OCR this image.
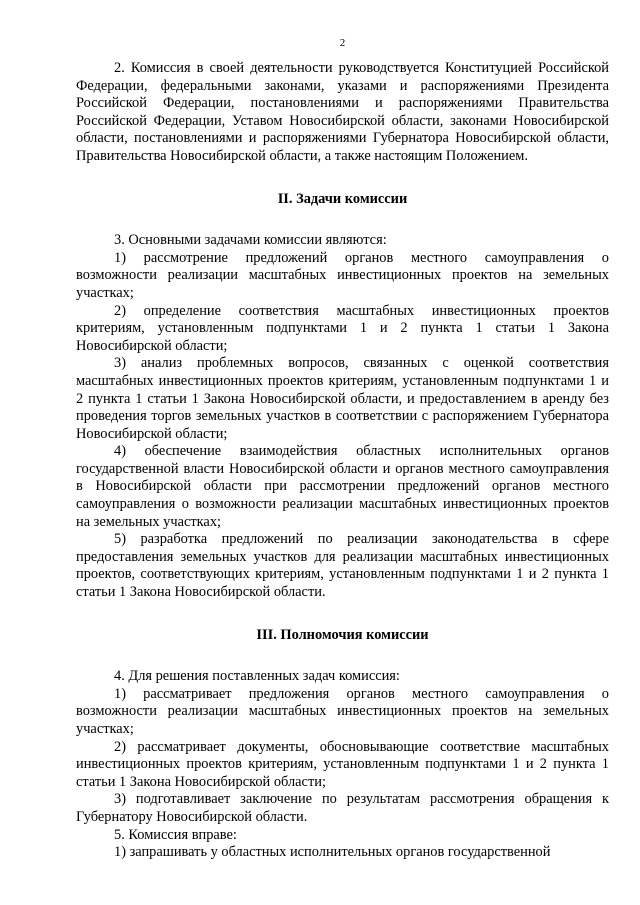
2

2. Комиссия в своей деятельности руководствуется Конституцией Российской Федерации, федеральными законами, указами и распоряжениями Президента Российской Федерации, постановлениями и распоряжениями Правительства Российской Федерации, Уставом Новосибирской области, законами Новосибирской области, постановлениями и распоряжениями Губернатора Новосибирской области, Правительства Новосибирской области, а также настоящим Положением.

II. Задачи комиссии

3. Основными задачами комиссии являются:

1) рассмотрение предложений органов местного самоуправления о возможности реализации масштабных инвестиционных проектов на земельных участках;

2) определение соответствия масштабных инвестиционных проектов критериям, установленным подпунктами 1 и 2 пункта 1 статьи 1 Закона Новосибирской области;

3) анализ проблемных вопросов, связанных с оценкой соответствия масштабных инвестиционных проектов критериям, установленным подпунктами 1 и 2 пункта 1 статьи 1 Закона Новосибирской области, и предоставлением в аренду без проведения торгов земельных участков в соответствии с распоряжением Губернатора Новосибирской области;

4) обеспечение взаимодействия областных исполнительных органов государственной власти Новосибирской области и органов местного самоуправления в Новосибирской области при рассмотрении предложений органов местного самоуправления о возможности реализации масштабных инвестиционных проектов на земельных участках;

5) разработка предложений по реализации законодательства в сфере предоставления земельных участков для реализации масштабных инвестиционных проектов, соответствующих критериям, установленным подпунктами 1 и 2 пункта 1 статьи 1 Закона Новосибирской области.

III. Полномочия комиссии

4. Для решения поставленных задач комиссия:

1) рассматривает предложения органов местного самоуправления о возможности реализации масштабных инвестиционных проектов на земельных участках;

2) рассматривает документы, обосновывающие соответствие масштабных инвестиционных проектов критериям, установленным подпунктами 1 и 2 пункта 1 статьи 1 Закона Новосибирской области;

3) подготавливает заключение по результатам рассмотрения обращения к Губернатору Новосибирской области.

5. Комиссия вправе:

1) запрашивать у областных исполнительных органов государственной
